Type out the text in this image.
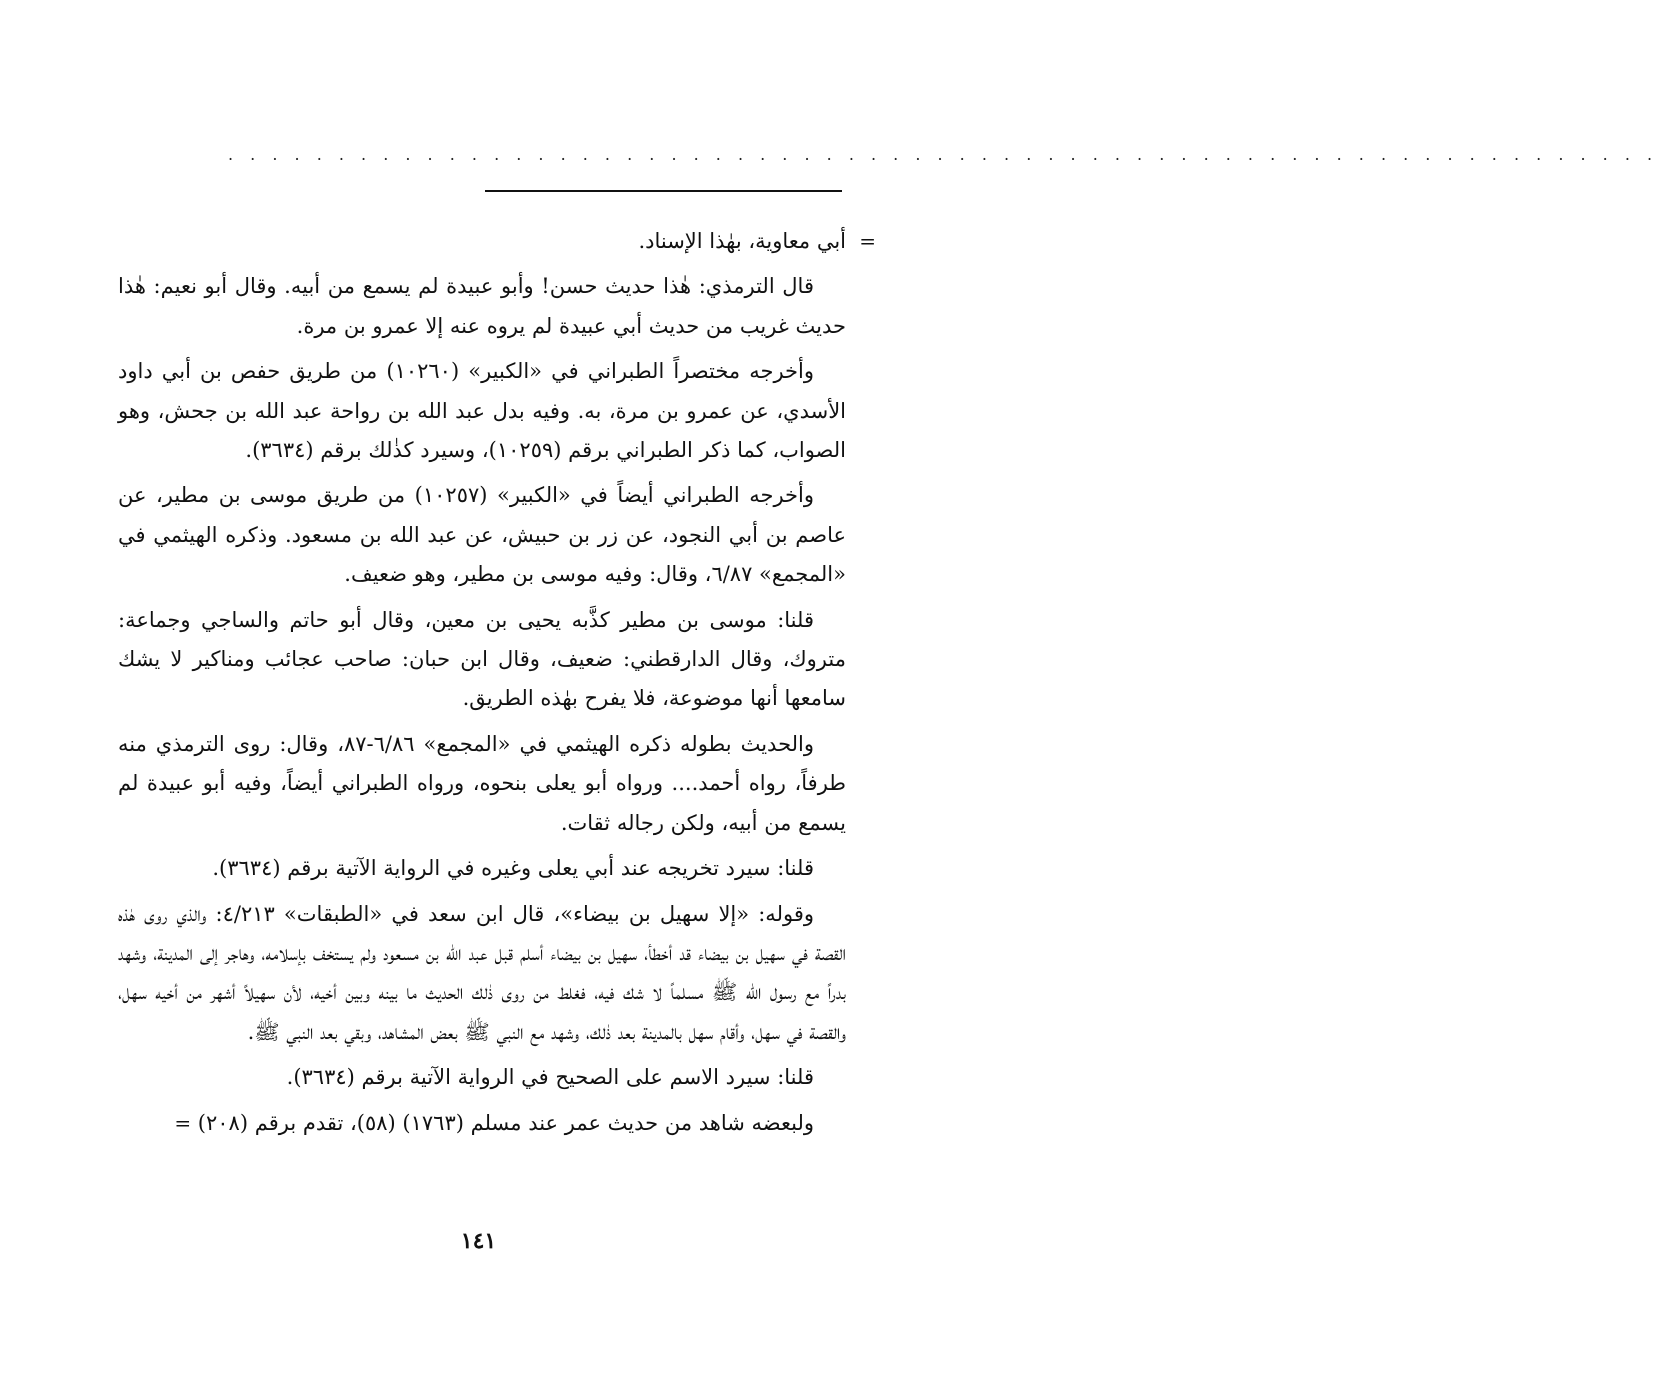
. . . . . . . . . . . . . . . . . . . . . . . . . . . . . . . . . . . . . . . . . . . . . . . . . . . . . . . . . . . . . . . . .

=
أبي معاوية، بهٰذا الإسناد.

قال الترمذي: هٰذا حديث حسن! وأبو عبيدة لم يسمع من أبيه. وقال أبو نعيم: هٰذا حديث غريب من حديث أبي عبيدة لم يروه عنه إلا عمرو بن مرة.

وأخرجه مختصراً الطبراني في «الكبير» (١٠٢٦٠) من طريق حفص بن أبي داود الأسدي، عن عمرو بن مرة، به. وفيه بدل عبد الله بن رواحة عبد الله بن جحش، وهو الصواب، كما ذكر الطبراني برقم (١٠٢٥٩)، وسيرد كذٰلك برقم (٣٦٣٤).

وأخرجه الطبراني أيضاً في «الكبير» (١٠٢٥٧) من طريق موسى بن مطير، عن عاصم بن أبي النجود، عن زر بن حبيش، عن عبد الله بن مسعود. وذكره الهيثمي في «المجمع» ٦/٨٧، وقال: وفيه موسى بن مطير، وهو ضعيف.

قلنا: موسى بن مطير كذَّبه يحيى بن معين، وقال أبو حاتم والساجي وجماعة: متروك، وقال الدارقطني: ضعيف، وقال ابن حبان: صاحب عجائب ومناكير لا يشك سامعها أنها موضوعة، فلا يفرح بهٰذه الطريق.

والحديث بطوله ذكره الهيثمي في «المجمع» ٦/٨٦-٨٧، وقال: روى الترمذي منه طرفاً، رواه أحمد.... ورواه أبو يعلى بنحوه، ورواه الطبراني أيضاً، وفيه أبو عبيدة لم يسمع من أبيه، ولكن رجاله ثقات.

قلنا: سيرد تخريجه عند أبي يعلى وغيره في الرواية الآتية برقم (٣٦٣٤).

وقوله: «إلا سهيل بن بيضاء»، قال ابن سعد في «الطبقات» ٤/٢١٣: والذي روى هٰذه القصة في سهيل بن بيضاء قد أخطأ، سهيل بن بيضاء أسلم قبل عبد الله بن مسعود ولم يستخف بإسلامه، وهاجر إلى المدينة، وشهد بدراً مع رسول الله ﷺ مسلماً لا شك فيه، فغلط من روى ذٰلك الحديث ما بينه وبين أخيه، لأن سهيلاً أشهر من أخيه سهل، والقصة في سهل، وأقام سهل بالمدينة بعد ذٰلك، وشهد مع النبي ﷺ بعض المشاهد، وبقي بعد النبي ﷺ.

قلنا: سيرد الاسم على الصحيح في الرواية الآتية برقم (٣٦٣٤).

ولبعضه شاهد من حديث عمر عند مسلم (١٧٦٣) (٥٨)، تقدم برقم (٢٠٨) =

١٤١
